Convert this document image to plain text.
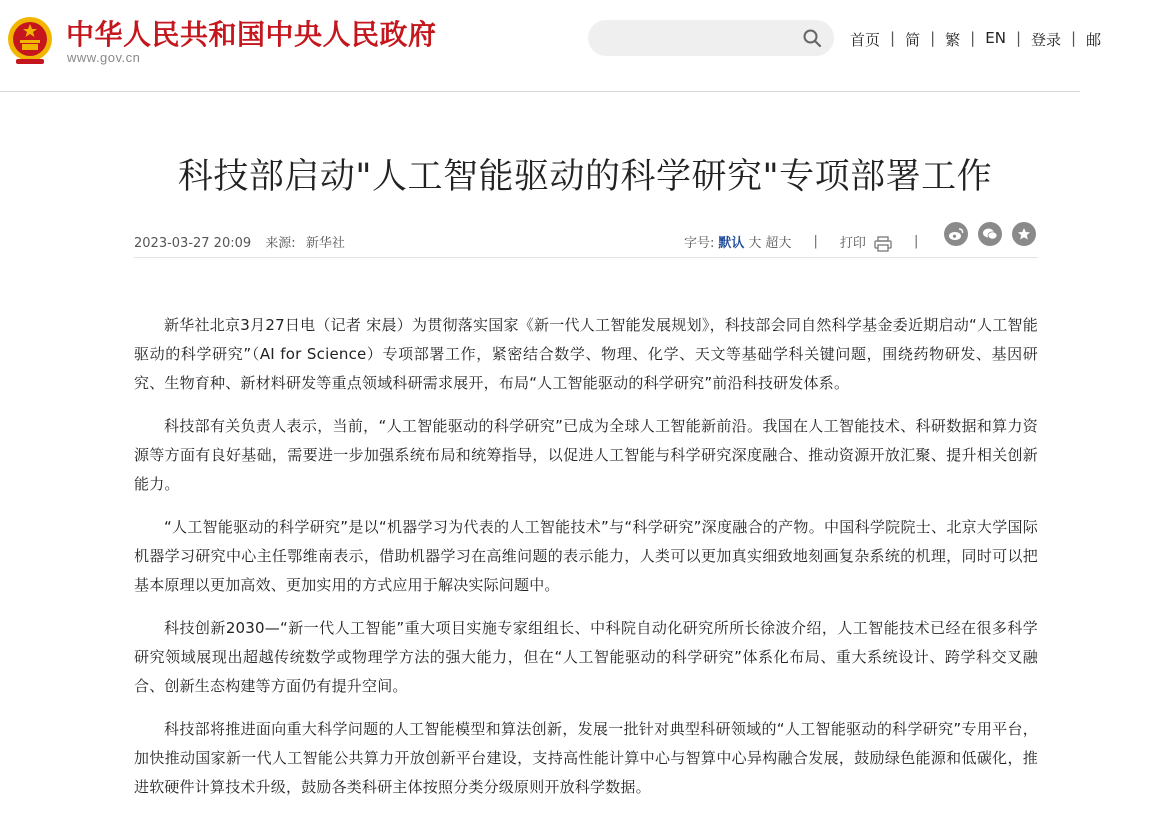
中华人民共和国中央人民政府
www.gov.cn
首页 | 简 | 繁 | EN | 登录 | 邮
科技部启动"人工智能驱动的科学研究"专项部署工作
2023-03-27 20:09 来源: 新华社	字号: 默认 大 超大 | 打印	|

新华社北京3月27日电（记者 宋晨）为贯彻落实国家《新一代人工智能发展规划》，科技部会同自然科学基金委近期启动“人工智能驱动的科学研究”（AI for Science）专项部署工作，紧密结合数学、物理、化学、天文等基础学科关键问题，围绕药物研发、基因研究、生物育种、新材料研发等重点领域科研需求展开，布局“人工智能驱动的科学研究”前沿科技研发体系。

科技部有关负责人表示，当前，“人工智能驱动的科学研究”已成为全球人工智能新前沿。我国在人工智能技术、科研数据和算力资源等方面有良好基础，需要进一步加强系统布局和统筹指导，以促进人工智能与科学研究深度融合、推动资源开放汇聚、提升相关创新能力。

“人工智能驱动的科学研究”是以“机器学习为代表的人工智能技术”与“科学研究”深度融合的产物。中国科学院院士、北京大学国际机器学习研究中心主任鄂维南表示，借助机器学习在高维问题的表示能力，人类可以更加真实细致地刻画复杂系统的机理，同时可以把基本原理以更加高效、更加实用的方式应用于解决实际问题中。

科技创新2030—“新一代人工智能”重大项目实施专家组组长、中科院自动化研究所所长徐波介绍，人工智能技术已经在很多科学研究领域展现出超越传统数学或物理学方法的强大能力，但在“人工智能驱动的科学研究”体系化布局、重大系统设计、跨学科交叉融合、创新生态构建等方面仍有提升空间。

科技部将推进面向重大科学问题的人工智能模型和算法创新，发展一批针对典型科研领域的“人工智能驱动的科学研究”专用平台，加快推动国家新一代人工智能公共算力开放创新平台建设，支持高性能计算中心与智算中心异构融合发展，鼓励绿色能源和低碳化，推进软硬件计算技术升级，鼓励各类科研主体按照分类分级原则开放科学数据。
